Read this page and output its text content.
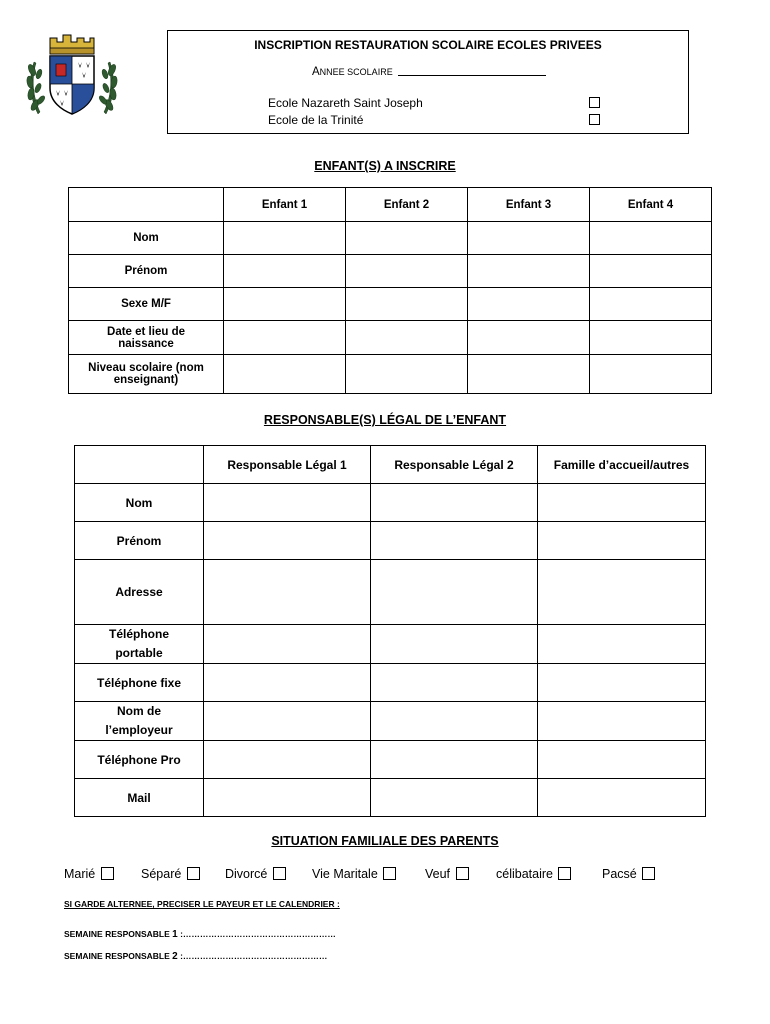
INSCRIPTION RESTAURATION SCOLAIRE ECOLES PRIVEES
ANNEE SCOLAIRE
Ecole Nazareth Saint Joseph
Ecole de la Trinité
ENFANT(S) A INSCRIRE
	Enfant 1	Enfant 2	Enfant 3	Enfant 4
Nom				
Prénom				
Sexe M/F				
Date et lieu de naissance				
Niveau scolaire (nom enseignant)				
RESPONSABLE(S) LÉGAL DE L’ENFANT
	Responsable Légal 1	Responsable Légal 2	Famille d’accueil/autres
Nom			
Prénom			
Adresse			
Téléphone portable			
Téléphone fixe			
Nom de l’employeur			
Téléphone Pro			
Mail			
SITUATION FAMILIALE DES PARENTS
Marié	Séparé	Divorcé	Vie Maritale	Veuf	célibataire	Pacsé
SI GARDE ALTERNEE, PRECISER LE PAYEUR ET LE CALENDRIER :
SEMAINE RESPONSABLE 1 :………………………………………………
SEMAINE RESPONSABLE 2 :……………………………………………
